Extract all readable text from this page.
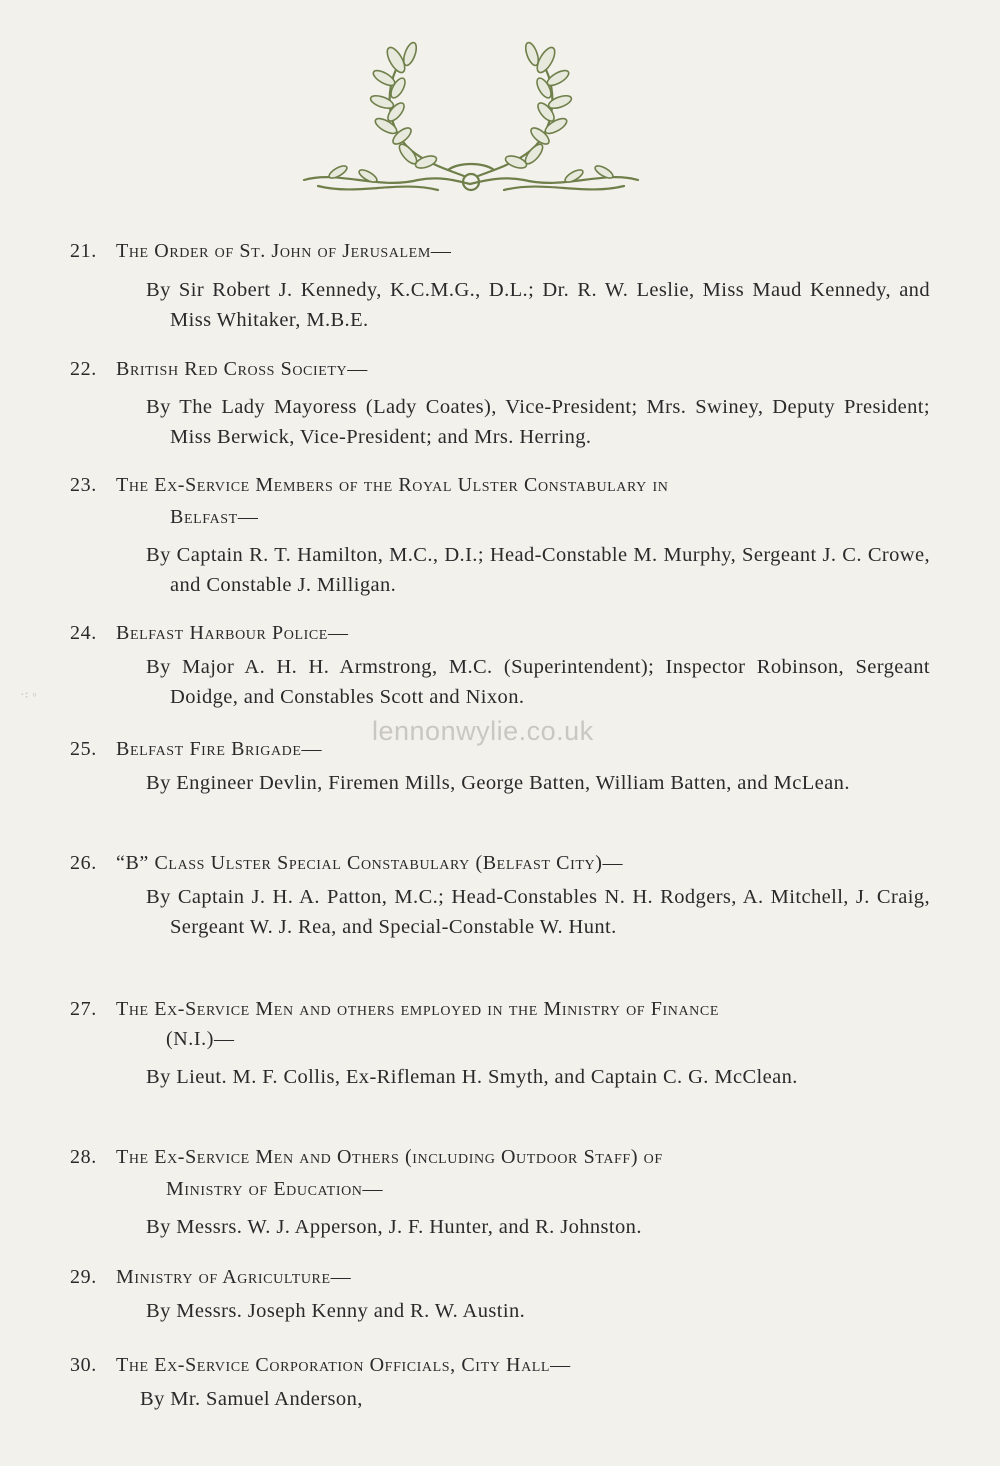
·꞉ ◦
21. The Order of St. John of Jerusalem—
By Sir Robert J. Kennedy, K.C.M.G., D.L.; Dr. R. W. Leslie, Miss Maud Kennedy, and Miss Whitaker, M.B.E.
22. British Red Cross Society—
By The Lady Mayoress (Lady Coates), Vice-President; Mrs. Swiney, Deputy President; Miss Berwick, Vice-President; and Mrs. Herring.
23. The Ex-Service Members of the Royal Ulster Constabulary in
Belfast—
By Captain R. T. Hamilton, M.C., D.I.; Head-Constable M. Murphy, Sergeant J. C. Crowe, and Constable J. Milligan.
24. Belfast Harbour Police—
By Major A. H. H. Armstrong, M.C. (Superintendent); Inspector Robinson, Sergeant Doidge, and Constables Scott and Nixon.
25. Belfast Fire Brigade—
By Engineer Devlin, Firemen Mills, George Batten, William Batten, and McLean.
26. “B” Class Ulster Special Constabulary (Belfast City)—
By Captain J. H. A. Patton, M.C.; Head-Constables N. H. Rodgers, A. Mitchell, J. Craig, Sergeant W. J. Rea, and Special-Constable W. Hunt.
27. The Ex-Service Men and others employed in the Ministry of Finance
(N.I.)—
By Lieut. M. F. Collis, Ex-Rifleman H. Smyth, and Captain C. G. McClean.
28. The Ex-Service Men and Others (including Outdoor Staff) of
Ministry of Education—
By Messrs. W. J. Apperson, J. F. Hunter, and R. Johnston.
29. Ministry of Agriculture—
By Messrs. Joseph Kenny and R. W. Austin.
30. The Ex-Service Corporation Officials, City Hall—
By Mr. Samuel Anderson,
lennonwylie.co.uk
